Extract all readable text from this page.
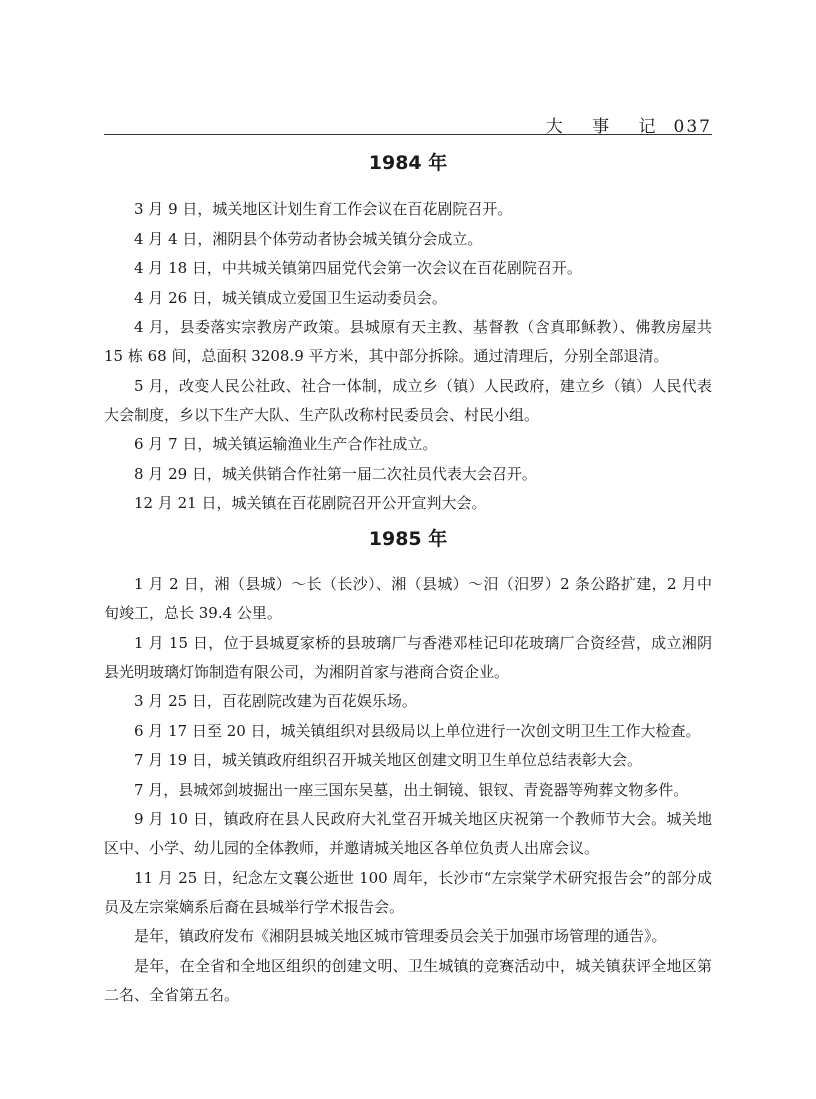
大 事 记 037
1984 年
3 月 9 日，城关地区计划生育工作会议在百花剧院召开。
4 月 4 日，湘阴县个体劳动者协会城关镇分会成立。
4 月 18 日，中共城关镇第四届党代会第一次会议在百花剧院召开。
4 月 26 日，城关镇成立爱国卫生运动委员会。
4 月，县委落实宗教房产政策。县城原有天主教、基督教（含真耶稣教）、佛教房屋共 15 栋 68 间，总面积 3208.9 平方米，其中部分拆除。通过清理后，分别全部退清。
5 月，改变人民公社政、社合一体制，成立乡（镇）人民政府，建立乡（镇）人民代表大会制度，乡以下生产大队、生产队改称村民委员会、村民小组。
6 月 7 日，城关镇运输渔业生产合作社成立。
8 月 29 日，城关供销合作社第一届二次社员代表大会召开。
12 月 21 日，城关镇在百花剧院召开公开宣判大会。
1985 年
1 月 2 日，湘（县城）～长（长沙）、湘（县城）～汨（汨罗）2 条公路扩建，2 月中旬竣工，总长 39.4 公里。
1 月 15 日，位于县城夏家桥的县玻璃厂与香港邓桂记印花玻璃厂合资经营，成立湘阴县光明玻璃灯饰制造有限公司，为湘阴首家与港商合资企业。
3 月 25 日，百花剧院改建为百花娱乐场。
6 月 17 日至 20 日，城关镇组织对县级局以上单位进行一次创文明卫生工作大检查。
7 月 19 日，城关镇政府组织召开城关地区创建文明卫生单位总结表彰大会。
7 月，县城郊剑坡掘出一座三国东吴墓，出土铜镜、银钗、青瓷器等殉葬文物多件。
9 月 10 日，镇政府在县人民政府大礼堂召开城关地区庆祝第一个教师节大会。城关地区中、小学、幼儿园的全体教师，并邀请城关地区各单位负责人出席会议。
11 月 25 日，纪念左文襄公逝世 100 周年，长沙市“左宗棠学术研究报告会”的部分成员及左宗棠嫡系后裔在县城举行学术报告会。
是年，镇政府发布《湘阴县城关地区城市管理委员会关于加强市场管理的通告》。
是年，在全省和全地区组织的创建文明、卫生城镇的竞赛活动中，城关镇获评全地区第二名、全省第五名。
